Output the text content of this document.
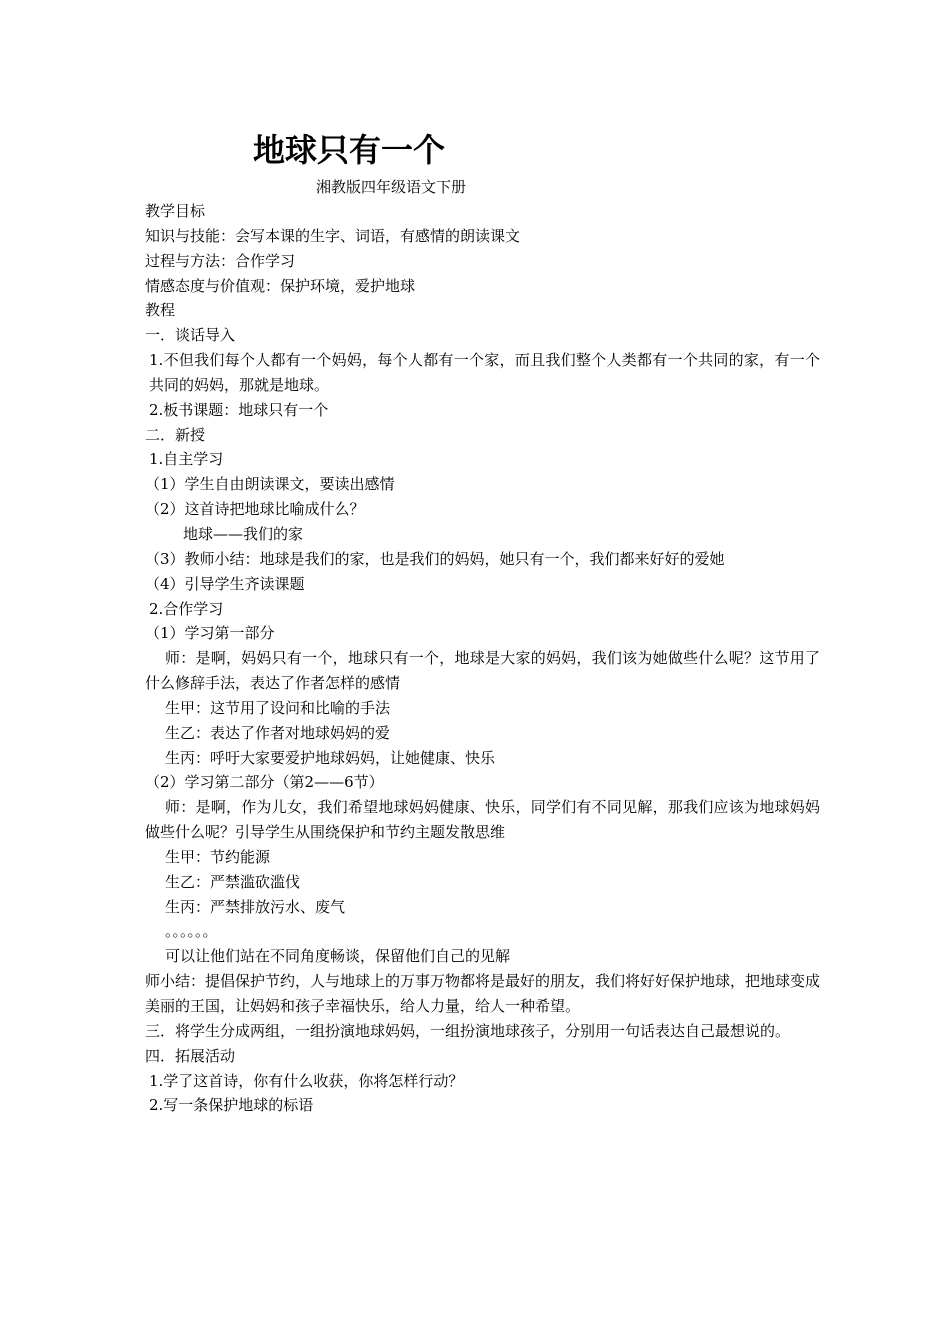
地球只有一个
湘教版四年级语文下册

教学目标

知识与技能：会写本课的生字、词语，有感情的朗读课文

过程与方法：合作学习

情感态度与价值观：保护环境，爱护地球

教程

一．谈话导入

1.不但我们每个人都有一个妈妈，每个人都有一个家，而且我们整个人类都有一个共同的家，有一个共同的妈妈，那就是地球。

2.板书课题：地球只有一个

二．新授

1.自主学习

（1）学生自由朗读课文，要读出感情

（2）这首诗把地球比喻成什么？

地球——我们的家

（3）教师小结：地球是我们的家，也是我们的妈妈，她只有一个，我们都来好好的爱她

（4）引导学生齐读课题

2.合作学习

（1）学习第一部分

师：是啊，妈妈只有一个，地球只有一个，地球是大家的妈妈，我们该为她做些什么呢？这节用了什么修辞手法，表达了作者怎样的感情

生甲：这节用了设问和比喻的手法

生乙：表达了作者对地球妈妈的爱

生丙：呼吁大家要爱护地球妈妈，让她健康、快乐

（2）学习第二部分（第2——6节）

师：是啊，作为儿女，我们希望地球妈妈健康、快乐，同学们有不同见解，那我们应该为地球妈妈做些什么呢？引导学生从围绕保护和节约主题发散思维

生甲：节约能源

生乙：严禁滥砍滥伐

生丙：严禁排放污水、废气

。。。。。。

可以让他们站在不同角度畅谈，保留他们自己的见解

师小结：提倡保护节约，人与地球上的万事万物都将是最好的朋友，我们将好好保护地球，把地球变成美丽的王国，让妈妈和孩子幸福快乐，给人力量，给人一种希望。

三．将学生分成两组，一组扮演地球妈妈，一组扮演地球孩子，分别用一句话表达自己最想说的。

四．拓展活动

1.学了这首诗，你有什么收获，你将怎样行动？

2.写一条保护地球的标语
